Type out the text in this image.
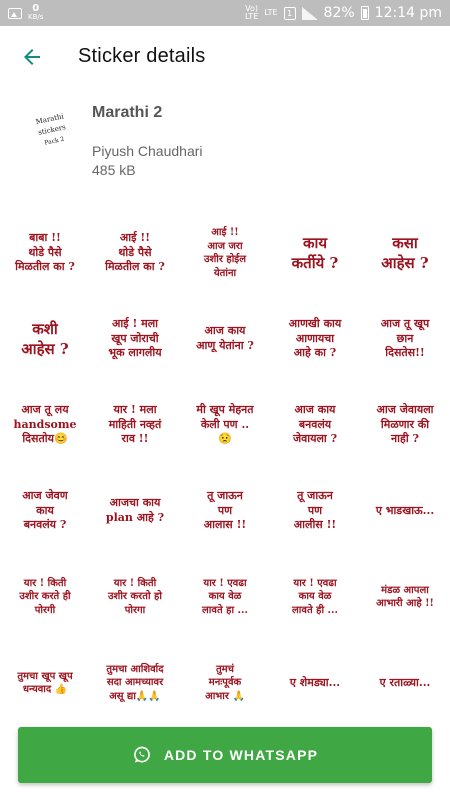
0
KB/s
Vo)
LTE LTE	1 82% 12:14 pm
Sticker details
Marathi
stickers
Pack 2
Marathi 2
Piyush Chaudhari
485 kB
बाबा !!
थोडे पैसे
मिळतील का ?
आई !!
थोडे पैसे
मिळतील का ?
आई !!
आज जरा
उशीर होईल
येतांना
काय
कर्तीये ?
कसा
आहेस ?
कशी
आहेस ?
आई ! मला
खूप जोराची
भूक लागलीय
आज काय
आणू येतांना ?
आणखी काय
आणायचा
आहे का ?
आज तू खूप
छान
दिसतेस!!
आज तू लय
handsome
दिसतोय😊
यार ! मला
माहिती नव्हतं
राव !!
मी खूप मेहनत
केली पण ..
😟
आज काय
बनवलंय
जेवायला ?
आज जेवायला
मिळणार की
नाही ?
आज जेवण
काय
बनवलंय ?
आजचा काय
plan आहे ?
तू जाऊन
पण
आलास !!
तू जाऊन
पण
आलीस !!
ए भाडखाऊ...
यार ! किती
उशीर करते ही
पोरगी
यार ! किती
उशीर करतो हो
पोरगा
यार ! एवढा
काय वेळ
लावते हा ...
यार ! एवढा
काय वेळ
लावते ही ...
मंडळ आपला
आभारी आहे !!
तुमचा खूप खूप
धन्यवाद 👍
तुमचा आशिर्वाद
सदा आमच्यावर
असू द्या🙏🙏
तुमचं
मनःपूर्वक
आभार 🙏
ए शेमड्या...	ए रताळ्या...
ADD TO WHATSAPP
